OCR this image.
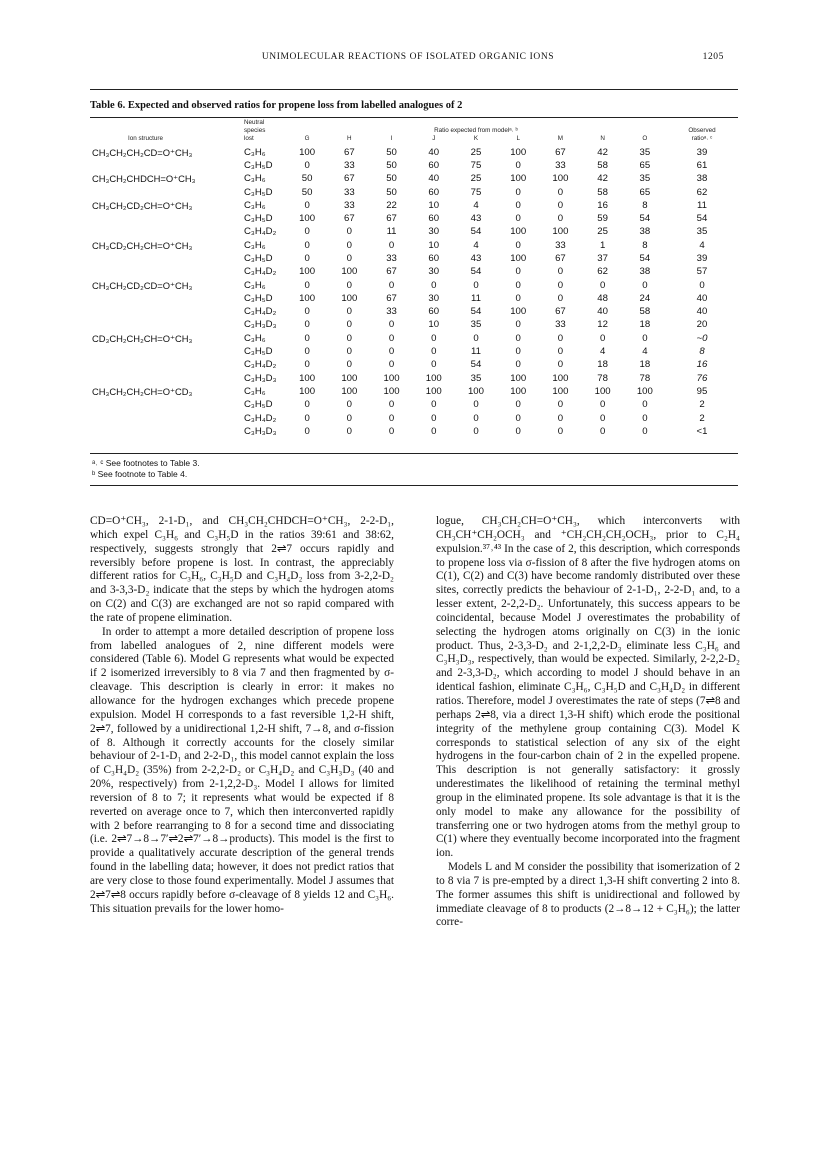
UNIMOLECULAR REACTIONS OF ISOLATED ORGANIC IONS	1205
Table 6. Expected and observed ratios for propene loss from labelled analogues of 2
	Neutral										
	species	Ratio expected from modelᵃ˒ ᵇ									Observed
Ion structure	lost	G	H	I	J	K	L	M	N	O	ratioᵃ˒ ᶜ
CH₃CH₂CH₂CD=O⁺CH₃	C₃H₆	100	67	50	40	25	100	67	42	35	39
	C₃H₅D	0	33	50	60	75	0	33	58	65	61
CH₃CH₂CHDCH=O⁺CH₃	C₃H₆	50	67	50	40	25	100	100	42	35	38
	C₃H₅D	50	33	50	60	75	0	0	58	65	62
CH₃CH₂CD₂CH=O⁺CH₃	C₃H₆	0	33	22	10	4	0	0	16	8	11
	C₃H₅D	100	67	67	60	43	0	0	59	54	54
	C₃H₄D₂	0	0	11	30	54	100	100	25	38	35
CH₃CD₂CH₂CH=O⁺CH₃	C₃H₆	0	0	0	10	4	0	33	1	8	4
	C₃H₅D	0	0	33	60	43	100	67	37	54	39
	C₃H₄D₂	100	100	67	30	54	0	0	62	38	57
CH₃CH₂CD₂CD=O⁺CH₃	C₃H₆	0	0	0	0	0	0	0	0	0	0
	C₃H₅D	100	100	67	30	11	0	0	48	24	40
	C₃H₄D₂	0	0	33	60	54	100	67	40	58	40
	C₃H₃D₃	0	0	0	10	35	0	33	12	18	20
CD₃CH₂CH₂CH=O⁺CH₃	C₃H₆	0	0	0	0	0	0	0	0	0	~0
	C₃H₅D	0	0	0	0	11	0	0	4	4	8
	C₃H₄D₂	0	0	0	0	54	0	0	18	18	16
	C₃H₃D₃	100	100	100	100	35	100	100	78	78	76
CH₃CH₂CH₂CH=O⁺CD₃	C₃H₆	100	100	100	100	100	100	100	100	100	95
	C₃H₅D	0	0	0	0	0	0	0	0	0	2
	C₃H₄D₂	0	0	0	0	0	0	0	0	0	2
	C₃H₃D₃	0	0	0	0	0	0	0	0	0	<1
ᵃ˒ ᶜ See footnotes to Table 3.
ᵇ See footnote to Table 4.

CD=O⁺CH₃, 2-1-D₁, and CH₃CH₂CHDCH=O⁺CH₃, 2-2-D₁, which expel C₃H₆ and C₃H₅D in the ratios 39:61 and 38:62, respectively, suggests strongly that 2⇌7 occurs rapidly and reversibly before propene is lost. In contrast, the appreciably different ratios for C₃H₆, C₃H₅D and C₃H₄D₂ loss from 3-2,2-D₂ and 3-3,3-D₂ indicate that the steps by which the hydrogen atoms on C(2) and C(3) are exchanged are not so rapid compared with the rate of propene elimination.

In order to attempt a more detailed description of propene loss from labelled analogues of 2, nine different models were considered (Table 6). Model G represents what would be expected if 2 isomerized irreversibly to 8 via 7 and then fragmented by σ-cleavage. This description is clearly in error: it makes no allowance for the hydrogen exchanges which precede propene expulsion. Model H corresponds to a fast reversible 1,2-H shift, 2⇌7, followed by a unidirectional 1,2-H shift, 7→8, and σ-fission of 8. Although it correctly accounts for the closely similar behaviour of 2-1-D₁ and 2-2-D₁, this model cannot explain the loss of C₃H₄D₂ (35%) from 2-2,2-D₂ or C₃H₄D₂ and C₃H₃D₃ (40 and 20%, respectively) from 2-1,2,2-D₃. Model I allows for limited reversion of 8 to 7; it represents what would be expected if 8 reverted on average once to 7, which then interconverted rapidly with 2 before rearranging to 8 for a second time and dissociating (i.e. 2⇌7→8→7′⇌2⇌7′→8→products). This model is the first to provide a qualitatively accurate description of the general trends found in the labelling data; however, it does not predict ratios that are very close to those found experimentally. Model J assumes that 2⇌7⇌8 occurs rapidly before σ-cleavage of 8 yields 12 and C₃H₆. This situation prevails for the lower homo-

logue, CH₃CH₂CH=O⁺CH₃, which interconverts with CH₃CH⁺CH₂OCH₃ and ⁺CH₂CH₂CH₂OCH₃, prior to C₂H₄ expulsion.³⁷˒⁴³ In the case of 2, this description, which corresponds to propene loss via σ-fission of 8 after the five hydrogen atoms on C(1), C(2) and C(3) have become randomly distributed over these sites, correctly predicts the behaviour of 2-1-D₁, 2-2-D₁ and, to a lesser extent, 2-2,2-D₂. Unfortunately, this success appears to be coincidental, because Model J overestimates the probability of selecting the hydrogen atoms originally on C(3) in the ionic product. Thus, 2-3,3-D₂ and 2-1,2,2-D₃ eliminate less C₃H₆ and C₃H₃D₃, respectively, than would be expected. Similarly, 2-2,2-D₂ and 2-3,3-D₂, which according to model J should behave in an identical fashion, eliminate C₃H₆, C₃H₅D and C₃H₄D₂ in different ratios. Therefore, model J overestimates the rate of steps (7⇌8 and perhaps 2⇌8, via a direct 1,3-H shift) which erode the positional integrity of the methylene group containing C(3). Model K corresponds to statistical selection of any six of the eight hydrogens in the four-carbon chain of 2 in the expelled propene. This description is not generally satisfactory: it grossly underestimates the likelihood of retaining the terminal methyl group in the eliminated propene. Its sole advantage is that it is the only model to make any allowance for the possibility of transferring one or two hydrogen atoms from the methyl group to C(1) where they eventually become incorporated into the fragment ion.

Models L and M consider the possibility that isomerization of 2 to 8 via 7 is pre-empted by a direct 1,3-H shift converting 2 into 8. The former assumes this shift is unidirectional and followed by immediate cleavage of 8 to products (2→8→12 + C₃H₆); the latter corre-
